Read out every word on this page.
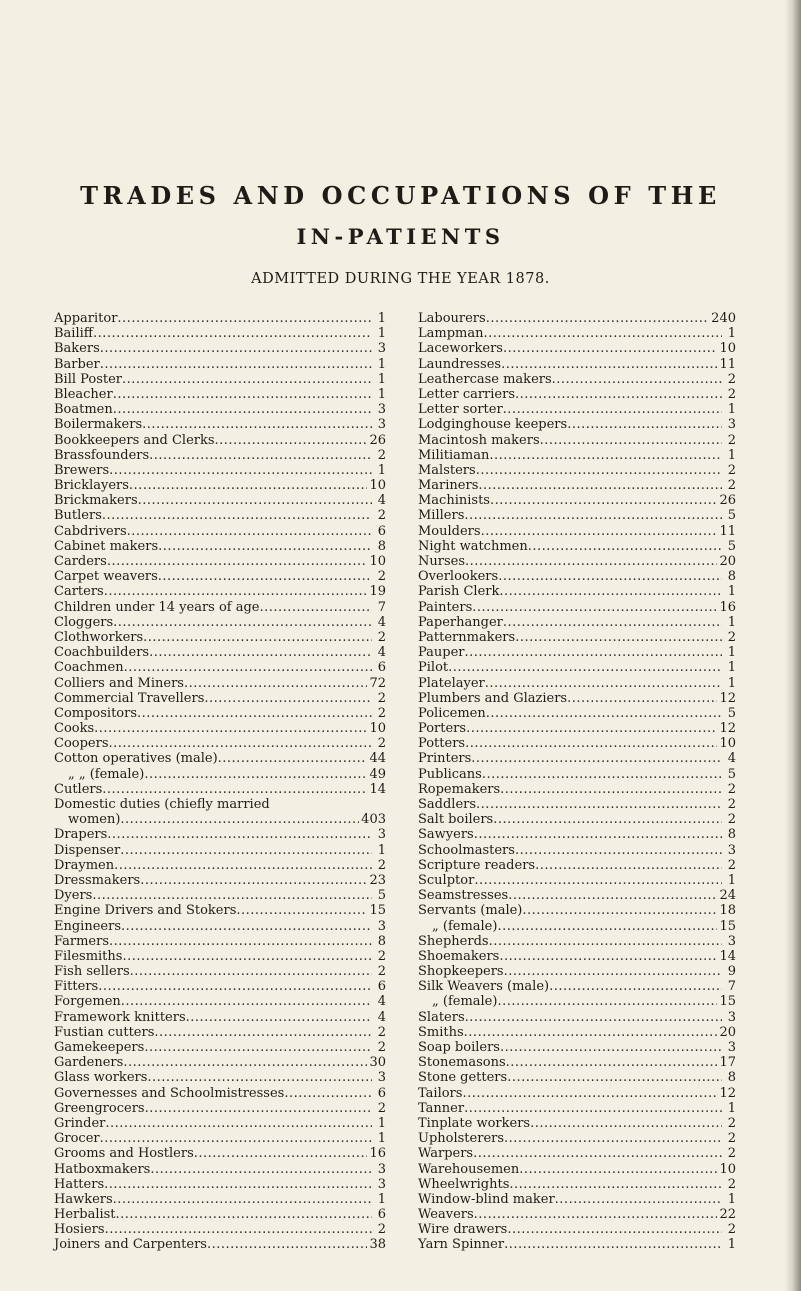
TRADES AND OCCUPATIONS OF THE
IN-PATIENTS
ADMITTED DURING THE YEAR 1878.
Apparitor .....	1
Bailiff .....	1
Bakers .....	3
Barber .....	1
Bill Poster .....	1
Bleacher .....	1
Boatmen .....	3
Boilermakers .....	3
Bookkeepers and Clerks .....	26
Brassfounders .....	2
Brewers .....	1
Bricklayers .....	10
Brickmakers .....	4
Butlers .....	2
Cabdrivers .....	6
Cabinet makers .....	8
Carders .....	10
Carpet weavers .....	2
Carters .....	19
Children under 14 years of age .....	7
Cloggers .....	4
Clothworkers .....	2
Coachbuilders .....	4
Coachmen .....	6
Colliers and Miners .....	72
Commercial Travellers .....	2
Compositors .....	2
Cooks .....	10
Coopers .....	2
Cotton operatives (male) .....	44
„ „ (female) .....	49
Cutlers .....	14
Domestic duties (chiefly married
women) .....	403
Drapers .....	3
Dispenser .....	1
Draymen .....	2
Dressmakers .....	23
Dyers .....	5
Engine Drivers and Stokers .....	15
Engineers .....	3
Farmers .....	8
Filesmiths .....	2
Fish sellers .....	2
Fitters .....	6
Forgemen .....	4
Framework knitters .....	4
Fustian cutters .....	2
Gamekeepers .....	2
Gardeners .....	30
Glass workers .....	3
Governesses and Schoolmistresses .....	6
Greengrocers .....	2
Grinder .....	1
Grocer .....	1
Grooms and Hostlers .....	16
Hatboxmakers .....	3
Hatters .....	3
Hawkers .....	1
Herbalist .....	6
Hosiers .....	2
Joiners and Carpenters .....	38
Labourers .....	240
Lampman .....	1
Laceworkers .....	10
Laundresses .....	11
Leathercase makers .....	2
Letter carriers .....	2
Letter sorter .....	1
Lodginghouse keepers .....	3
Macintosh makers .....	2
Militiaman .....	1
Malsters .....	2
Mariners .....	2
Machinists .....	26
Millers .....	5
Moulders .....	11
Night watchmen .....	5
Nurses .....	20
Overlookers .....	8
Parish Clerk .....	1
Painters .....	16
Paperhanger .....	1
Patternmakers .....	2
Pauper .....	1
Pilot .....	1
Platelayer .....	1
Plumbers and Glaziers .....	12
Policemen .....	5
Porters .....	12
Potters .....	10
Printers .....	4
Publicans .....	5
Ropemakers .....	2
Saddlers .....	2
Salt boilers .....	2
Sawyers .....	8
Schoolmasters .....	3
Scripture readers .....	2
Sculptor .....	1
Seamstresses .....	24
Servants (male) .....	18
„ (female) .....	15
Shepherds .....	3
Shoemakers .....	14
Shopkeepers .....	9
Silk Weavers (male) .....	7
„ (female) .....	15
Slaters .....	3
Smiths .....	20
Soap boilers .....	3
Stonemasons .....	17
Stone getters .....	8
Tailors .....	12
Tanner .....	1
Tinplate workers .....	2
Upholsterers .....	2
Warpers .....	2
Warehousemen .....	10
Wheelwrights .....	2
Window-blind maker .....	1
Weavers .....	22
Wire drawers .....	2
Yarn Spinner .....	1
